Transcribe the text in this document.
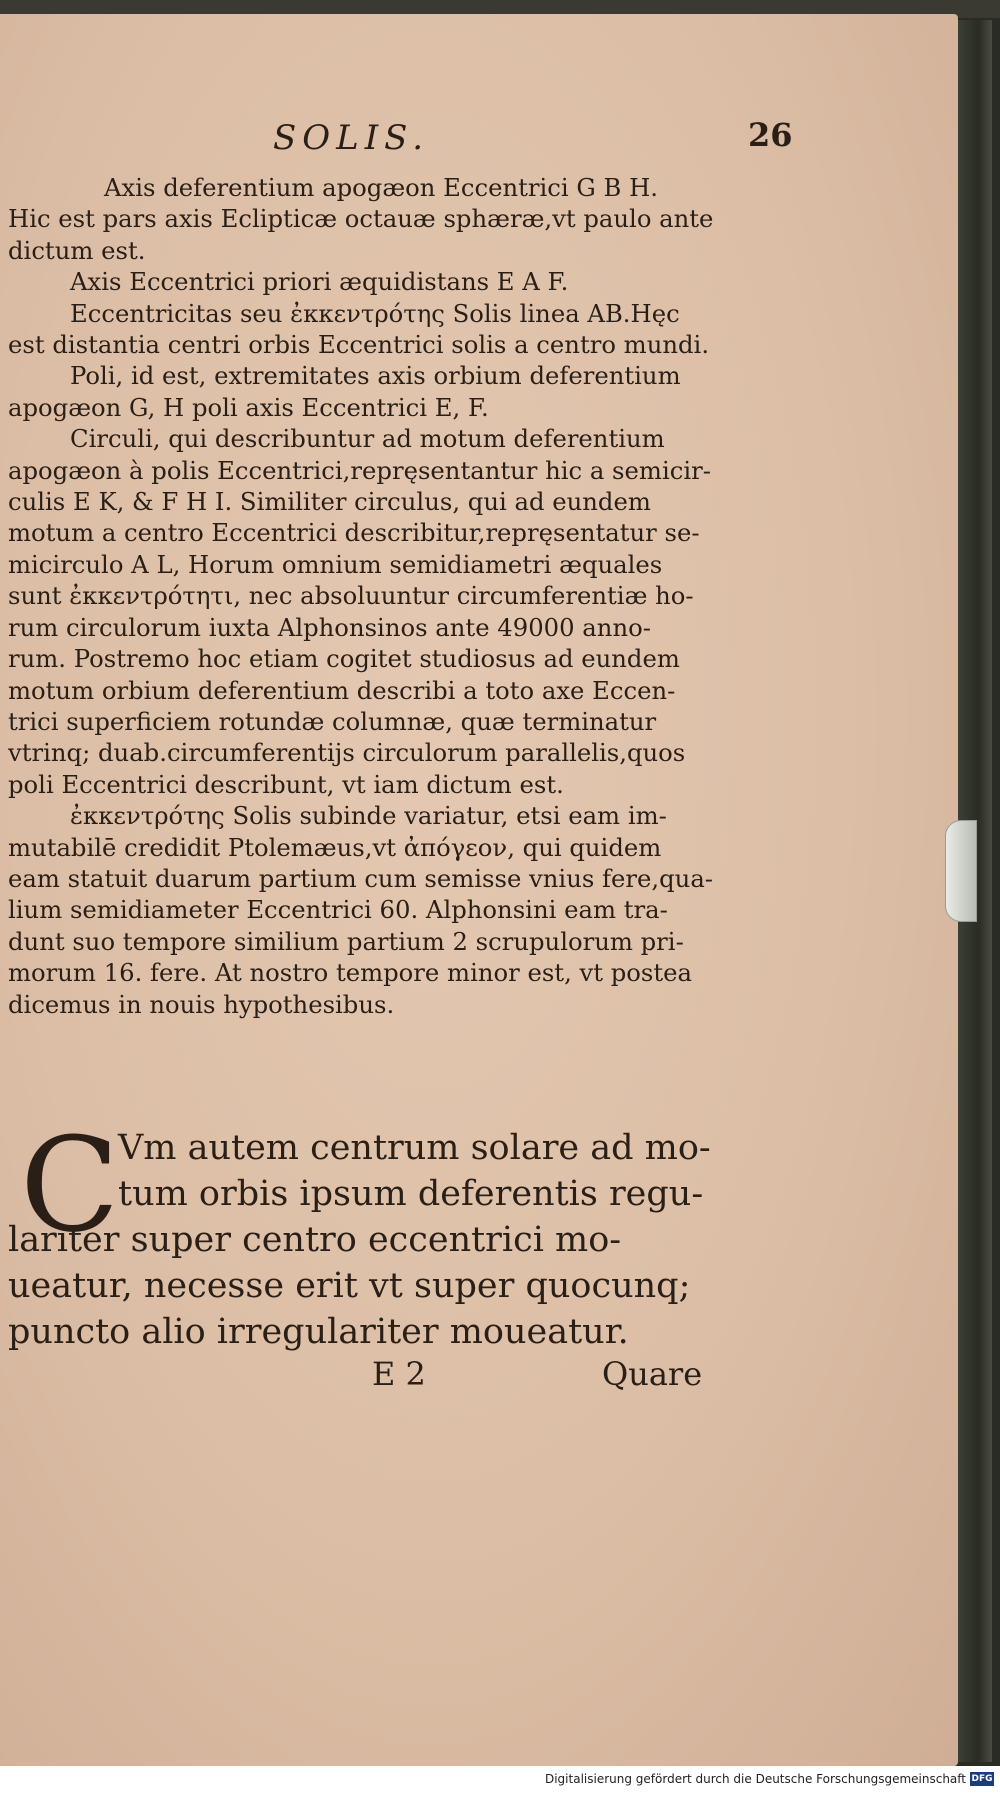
SOLIS.	26
Axis deferentium apogæon Eccentrici G B H.
Hic est pars axis Eclipticæ octauæ sphæræ,vt paulo ante
dictum est.
Axis Eccentrici priori æquidistans E A F.
Eccentricitas seu ἐκκεντρότης Solis linea AB.Hęc
est distantia centri orbis Eccentrici solis a centro mundi.
Poli, id est, extremitates axis orbium deferentium
apogæon G, H poli axis Eccentrici E, F.
Circuli, qui describuntur ad motum deferentium
apogæon à polis Eccentrici,repręsentantur hic a semicir-
culis E K, & F H I. Similiter circulus, qui ad eundem
motum a centro Eccentrici describitur,repręsentatur se-
micirculo A L, Horum omnium semidiametri æquales
sunt ἐκκεντρότητι, nec absoluuntur circumferentiæ ho-
rum circulorum iuxta Alphonsinos ante 49000 anno-
rum. Postremo hoc etiam cogitet studiosus ad eundem
motum orbium deferentium describi a toto axe Eccen-
trici superficiem rotundæ columnæ, quæ terminatur
vtrinq; duab.circumferentijs circulorum parallelis,quos
poli Eccentrici describunt, vt iam dictum est.
ἐκκεντρότης Solis subinde variatur, etsi eam im-
mutabilē credidit Ptolemæus,vt ἀπόγεον, qui quidem
eam statuit duarum partium cum semisse vnius fere,qua-
lium semidiameter Eccentrici 60. Alphonsini eam tra-
dunt suo tempore similium partium 2 scrupulorum pri-
morum 16. fere. At nostro tempore minor est, vt postea
dicemus in nouis hypothesibus.
C
Vm autem centrum solare ad mo-
tum orbis ipsum deferentis regu-
lariter super centro eccentrici mo-
ueatur, necesse erit vt super quocunq;
puncto alio irregulariter moueatur.
E 2	Quare
Digitalisierung gefördert durch die Deutsche Forschungsgemeinschaft DFG
